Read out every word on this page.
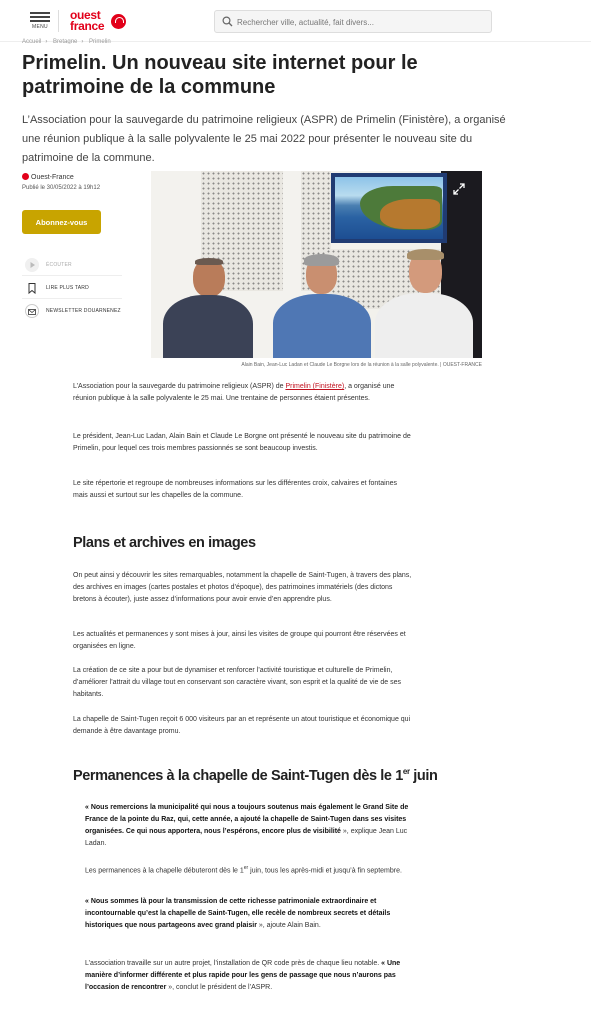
MENU
ouest
france
Rechercher ville, actualité, fait divers...
Accueil › Bretagne › Primelin
Primelin. Un nouveau site internet pour le patrimoine de la commune

L’Association pour la sauvegarde du patrimoine religieux (ASPR) de Primelin (Finistère), a organisé une réunion publique à la salle polyvalente le 25 mai 2022 pour présenter le nouveau site du patrimoine de la commune.

Ouest-France
Publié le 30/05/2022 à 19h12
Abonnez-vous
ÉCOUTER
LIRE PLUS TARD
NEWSLETTER DOUARNENEZ
Alain Bain, Jean-Luc Ladan et Claude Le Borgne lors de la réunion à la salle polyvalente. | OUEST-FRANCE

L’Association pour la sauvegarde du patrimoine religieux (ASPR) de Primelin (Finistère), a organisé une réunion publique à la salle polyvalente le 25 mai. Une trentaine de personnes étaient présentes.

Le président, Jean-Luc Ladan, Alain Bain et Claude Le Borgne ont présenté le nouveau site du patrimoine de Primelin, pour lequel ces trois membres passionnés se sont beaucoup investis.

Le site répertorie et regroupe de nombreuses informations sur les différentes croix, calvaires et fontaines mais aussi et surtout sur les chapelles de la commune.

Plans et archives en images

On peut ainsi y découvrir les sites remarquables, notamment la chapelle de Saint-Tugen, à travers des plans, des archives en images (cartes postales et photos d’époque), des patrimoines immatériels (des dictons bretons à écouter), juste assez d’informations pour avoir envie d’en apprendre plus.

Les actualités et permanences y sont mises à jour, ainsi les visites de groupe qui pourront être réservées et organisées en ligne.

La création de ce site a pour but de dynamiser et renforcer l’activité touristique et culturelle de Primelin, d’améliorer l’attrait du village tout en conservant son caractère vivant, son esprit et la qualité de vie de ses habitants.

La chapelle de Saint-Tugen reçoit 6 000 visiteurs par an et représente un atout touristique et économique qui demande à être davantage promu.

Permanences à la chapelle de Saint-Tugen dès le 1er juin

« Nous remercions la municipalité qui nous a toujours soutenus mais également le Grand Site de France de la pointe du Raz, qui, cette année, a ajouté la chapelle de Saint-Tugen dans ses visites organisées. Ce qui nous apportera, nous l’espérons, encore plus de visibilité », explique Jean Luc Ladan.

Les permanences à la chapelle débuteront dès le 1er juin, tous les après-midi et jusqu’à fin septembre.

« Nous sommes là pour la transmission de cette richesse patrimoniale extraordinaire et incontournable qu’est la chapelle de Saint-Tugen, elle recèle de nombreux secrets et détails historiques que nous partageons avec grand plaisir », ajoute Alain Bain.

L’association travaille sur un autre projet, l’installation de QR code près de chaque lieu notable. « Une manière d’informer différente et plus rapide pour les gens de passage que nous n’aurons pas l’occasion de rencontrer », conclut le président de l’ASPR.
